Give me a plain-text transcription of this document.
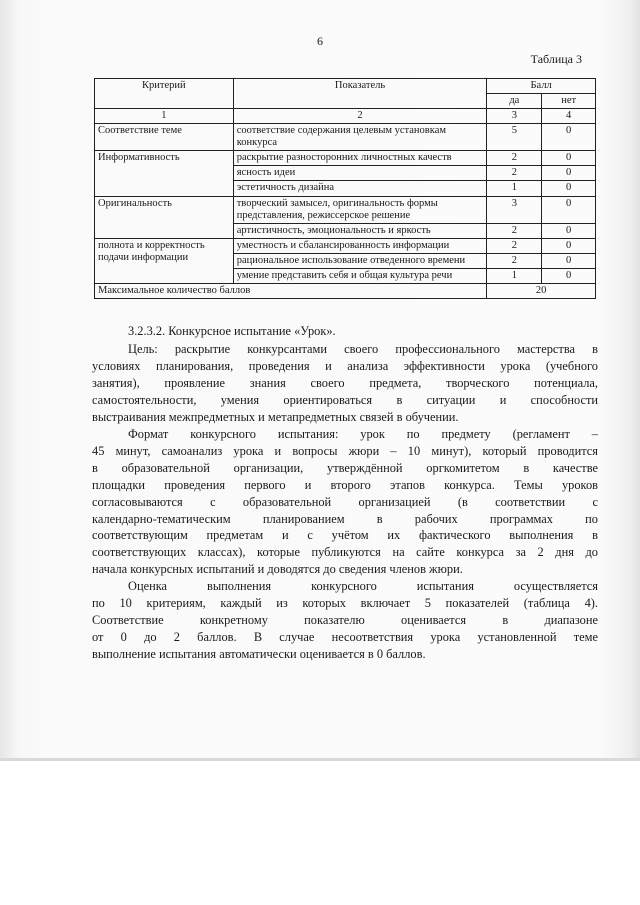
6
Таблица 3
Критерий	Показатель	Балл	
		да	нет
1	2	3	4
Соответствие теме	соответствие содержания целевым установкам конкурса	5	0
Информативность	раскрытие разносторонних личностных качеств	2	0
	ясность идеи	2	0
	эстетичность дизайна	1	0
Оригинальность	творческий замысел, оригинальность формы представления, режиссерское решение	3	0
	артистичность, эмоциональность и яркость	2	0
полнота и корректность подачи информации	уместность и сбалансированность информации	2	0
	рациональное использование отведенного времени	2	0
	умение представить себя и общая культура речи	1	0
Максимальное количество баллов		20	
3.2.3.2. Конкурсное испытание «Урок».
Цель: раскрытие конкурсантами своего профессионального мастерства в
условиях планирования, проведения и анализа эффективности урока (учебного
занятия), проявление знания своего предмета, творческого потенциала,
самостоятельности, умения ориентироваться в ситуации и способности
выстраивания межпредметных и метапредметных связей в обучении.
Формат конкурсного испытания: урок по предмету (регламент –
45 минут, самоанализ урока и вопросы жюри – 10 минут), который проводится
в образовательной организации, утверждённой оргкомитетом в качестве
площадки проведения первого и второго этапов конкурса. Темы уроков
согласовываются с образовательной организацией (в соответствии с
календарно-тематическим планированием в рабочих программах по
соответствующим предметам и с учётом их фактического выполнения в
соответствующих классах), которые публикуются на сайте конкурса за 2 дня до
начала конкурсных испытаний и доводятся до сведения членов жюри.
Оценка выполнения конкурсного испытания осуществляется
по 10 критериям, каждый из которых включает 5 показателей (таблица 4).
Соответствие конкретному показателю оценивается в диапазоне
от 0 до 2 баллов. В случае несоответствия урока установленной теме
выполнение испытания автоматически оценивается в 0 баллов.
